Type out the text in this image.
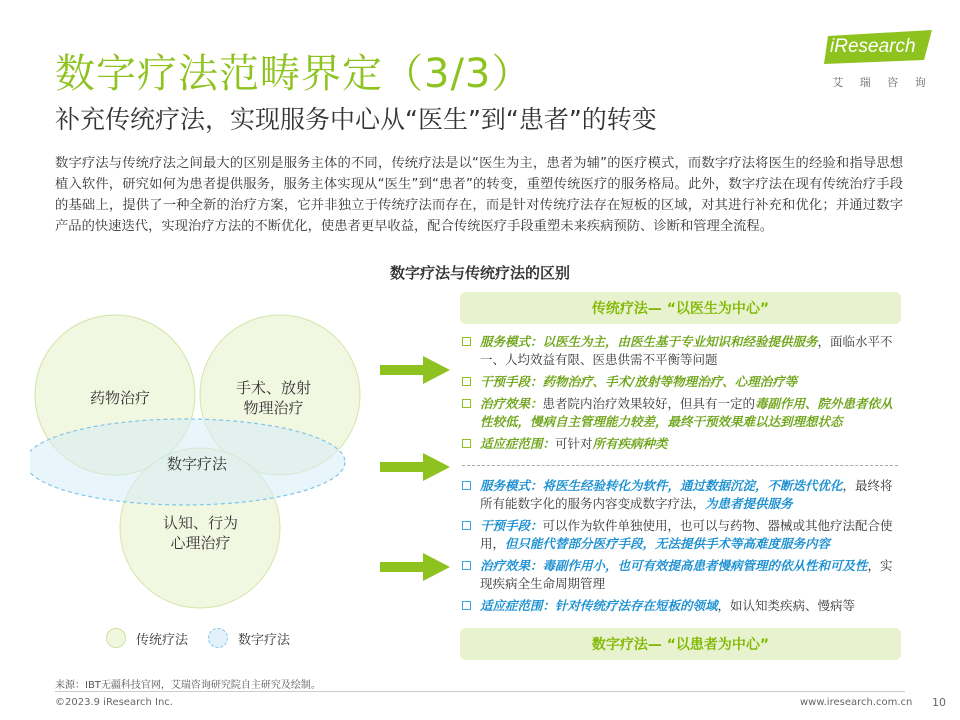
数字疗法范畴界定（3/3）
补充传统疗法，实现服务中心从“医生”到“患者”的转变
iResearch
艾 瑞 咨 询
数字疗法与传统疗法之间最大的区别是服务主体的不同，传统疗法是以“医生为主，患者为辅”的医疗模式，而数字疗法将医生的经验和指导思想植入软件，研究如何为患者提供服务，服务主体实现从“医生”到“患者”的转变，重塑传统医疗的服务格局。此外，数字疗法在现有传统治疗手段的基础上，提供了一种全新的治疗方案，它并非独立于传统疗法而存在，而是针对传统疗法存在短板的区域，对其进行补充和优化；并通过数字产品的快速迭代，实现治疗方法的不断优化，使患者更早收益，配合传统医疗手段重塑未来疾病预防、诊断和管理全流程。
数字疗法与传统疗法的区别
药物治疗
手术、放射
物理治疗
数字疗法
认知、行为
心理治疗
传统疗法	数字疗法
传统疗法— “以医生为中心”
服务模式：以医生为主，由医生基于专业知识和经验提供服务，面临水平不一、人均效益有限、医患供需不平衡等问题
干预手段：药物治疗、手术/放射等物理治疗、心理治疗等
治疗效果：患者院内治疗效果较好，但具有一定的毒副作用、院外患者依从性较低，慢病自主管理能力较差，最终干预效果难以达到理想状态
适应症范围：可针对所有疾病种类
服务模式：将医生经验转化为软件，通过数据沉淀，不断迭代优化，最终将所有能数字化的服务内容变成数字疗法，为患者提供服务
干预手段：可以作为软件单独使用，也可以与药物、器械或其他疗法配合使用，但只能代替部分医疗手段，无法提供手术等高难度服务内容
治疗效果：毒副作用小，也可有效提高患者慢病管理的依从性和可及性，实现疾病全生命周期管理
适应症范围：针对传统疗法存在短板的领域，如认知类疾病、慢病等
数字疗法— “以患者为中心”
来源：IBT无疆科技官网，艾瑞咨询研究院自主研究及绘制。
©2023.9 iResearch Inc.	www.iresearch.com.cn 10
